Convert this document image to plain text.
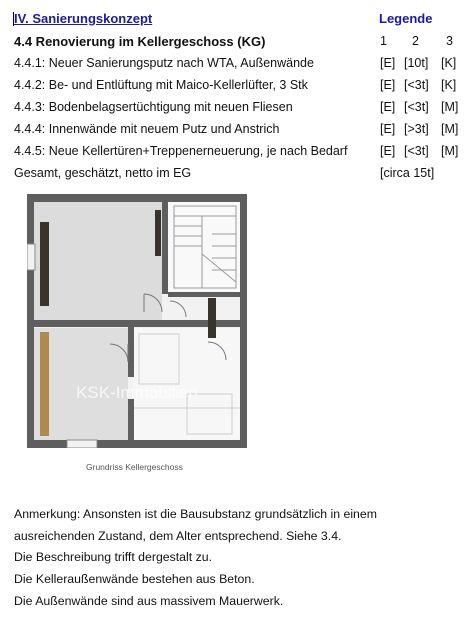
IV. Sanierungskonzept	Legende
4.4 Renovierung im Kellergeschoss (KG)	1 2 3
4.4.1: Neuer Sanierungsputz nach WTA, Außenwände	[E] [10t] [K]
4.4.2: Be- und Entlüftung mit Maico-Kellerlüfter, 3 Stk	[E] [<3t] [K]
4.4.3: Bodenbelagsertüchtigung mit neuen Fliesen	[E] [<3t] [M]
4.4.4: Innenwände mit neuem Putz und Anstrich	[E] [>3t] [M]
4.4.5: Neue Kellertüren+Treppenerneuerung, je nach Bedarf	[E] [<3t] [M]
Gesamt, geschätzt, netto im EG	[circa 15t]
KSK-Immobilien
Grundriss Kellergeschoss
Anmerkung: Ansonsten ist die Bausubstanz grundsätzlich in einem
ausreichenden Zustand, dem Alter entsprechend. Siehe 3.4.
Die Beschreibung trifft dergestalt zu.
Die Kelleraußenwände bestehen aus Beton.
Die Außenwände sind aus massivem Mauerwerk.
